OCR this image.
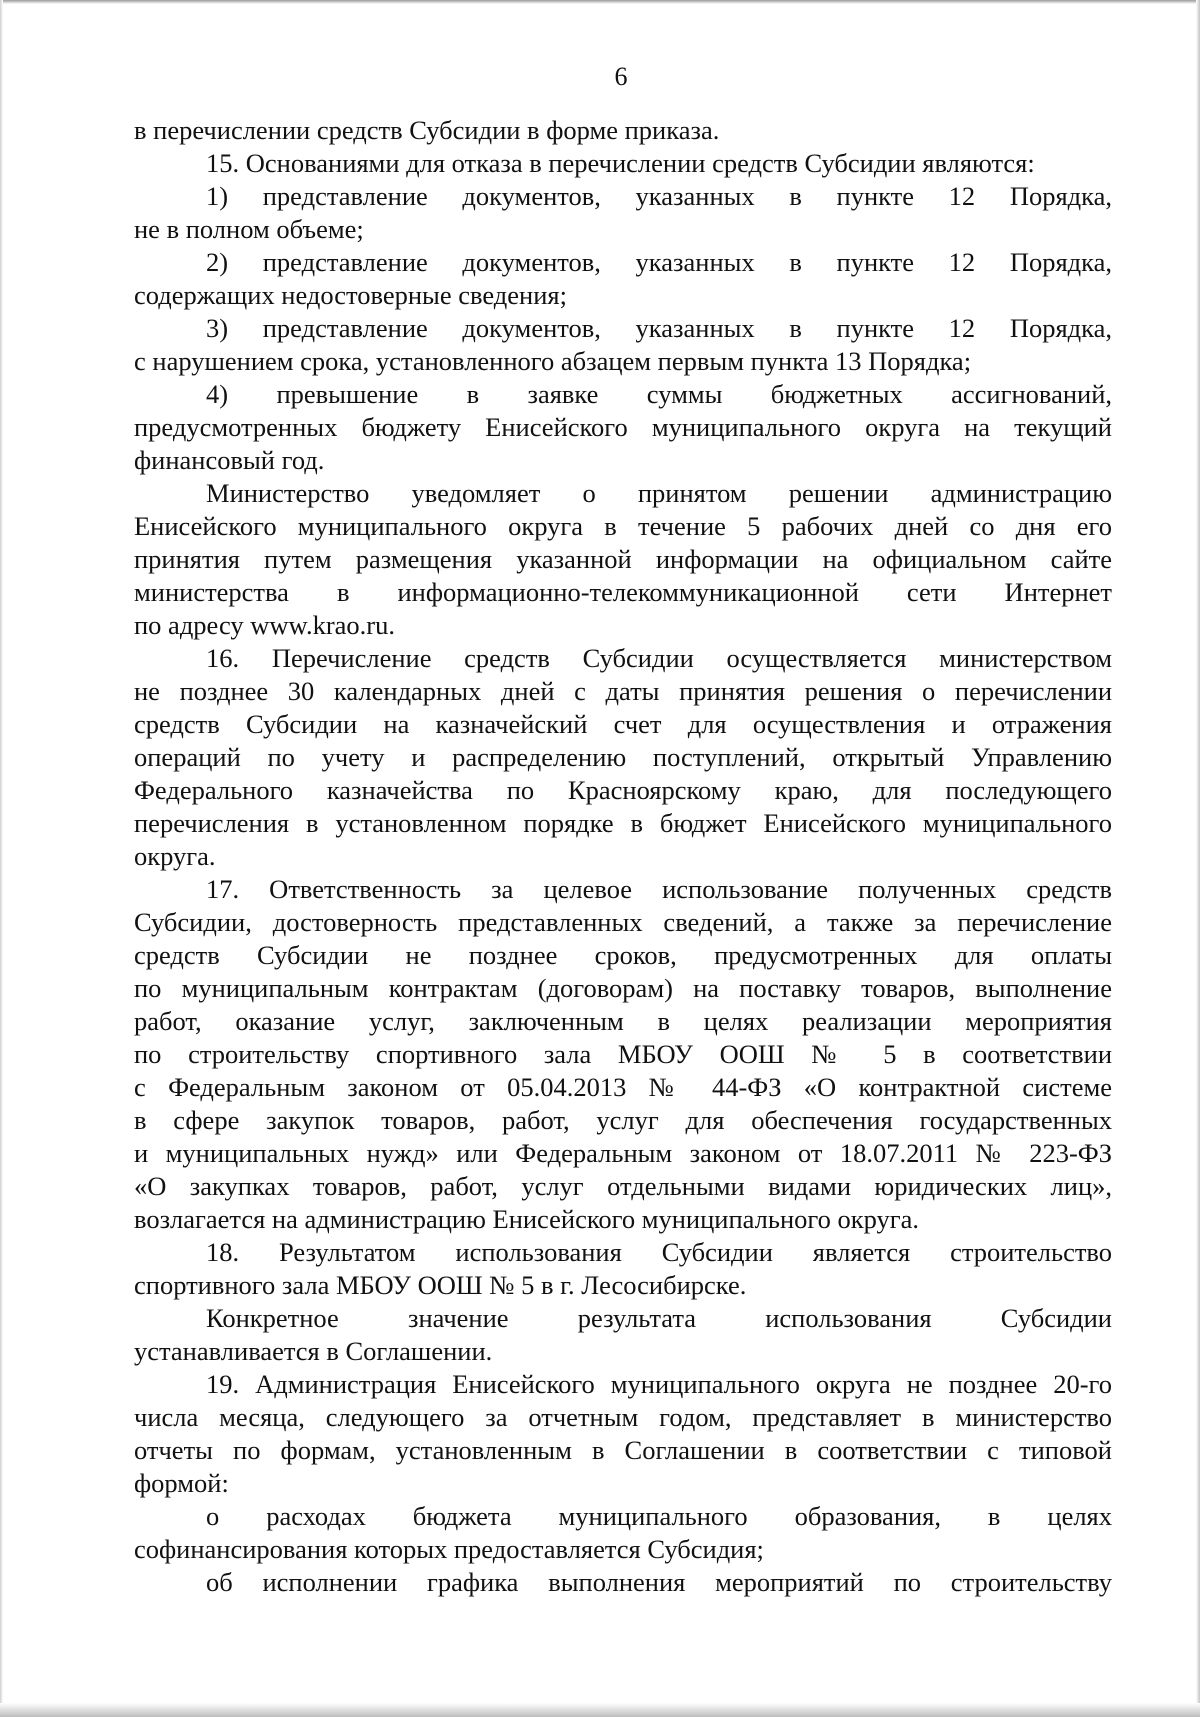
6
в перечислении средств Субсидии в форме приказа.
15. Основаниями для отказа в перечислении средств Субсидии являются:
1) представление документов, указанных в пункте 12 Порядка,
не в полном объеме;
2) представление документов, указанных в пункте 12 Порядка,
содержащих недостоверные сведения;
3) представление документов, указанных в пункте 12 Порядка,
с нарушением срока, установленного абзацем первым пункта 13 Порядка;
4) превышение в заявке суммы бюджетных ассигнований,
предусмотренных бюджету Енисейского муниципального округа на текущий
финансовый год.
Министерство уведомляет о принятом решении администрацию
Енисейского муниципального округа в течение 5 рабочих дней со дня его
принятия путем размещения указанной информации на официальном сайте
министерства в информационно-телекоммуникационной сети Интернет
по адресу www.krao.ru.
16. Перечисление средств Субсидии осуществляется министерством
не позднее 30 календарных дней с даты принятия решения о перечислении
средств Субсидии на казначейский счет для осуществления и отражения
операций по учету и распределению поступлений, открытый Управлению
Федерального казначейства по Красноярскому краю, для последующего
перечисления в установленном порядке в бюджет Енисейского муниципального
округа.
17. Ответственность за целевое использование полученных средств
Субсидии, достоверность представленных сведений, а также за перечисление
средств Субсидии не позднее сроков, предусмотренных для оплаты
по муниципальным контрактам (договорам) на поставку товаров, выполнение
работ, оказание услуг, заключенным в целях реализации мероприятия
по строительству спортивного зала МБОУ ООШ № 5 в соответствии
с Федеральным законом от 05.04.2013 № 44-ФЗ «О контрактной системе
в сфере закупок товаров, работ, услуг для обеспечения государственных
и муниципальных нужд» или Федеральным законом от 18.07.2011 № 223-ФЗ
«О закупках товаров, работ, услуг отдельными видами юридических лиц»,
возлагается на администрацию Енисейского муниципального округа.
18. Результатом использования Субсидии является строительство
спортивного зала МБОУ ООШ № 5 в г. Лесосибирске.
Конкретное значение результата использования Субсидии
устанавливается в Соглашении.
19. Администрация Енисейского муниципального округа не позднее 20-го
числа месяца, следующего за отчетным годом, представляет в министерство
отчеты по формам, установленным в Соглашении в соответствии с типовой
формой:
о расходах бюджета муниципального образования, в целях
софинансирования которых предоставляется Субсидия;
об исполнении графика выполнения мероприятий по строительству
